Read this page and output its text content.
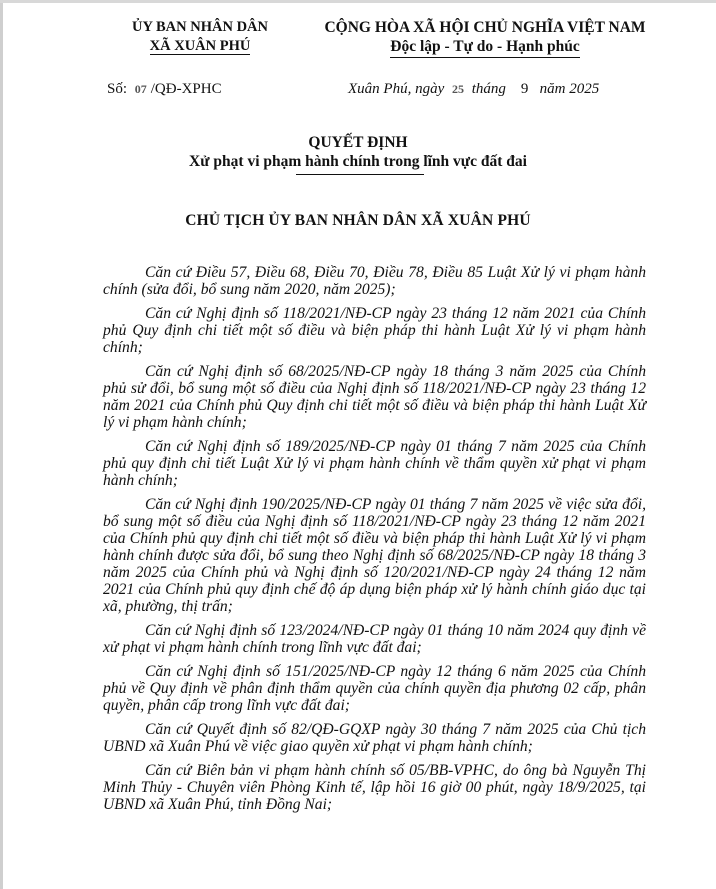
ỦY BAN NHÂN DÂN
XÃ XUÂN PHÚ
CỘNG HÒA XÃ HỘI CHỦ NGHĨA VIỆT NAM
Độc lập - Tự do - Hạnh phúc
Số: 07 /QĐ-XPHC	Xuân Phú, ngày 25 tháng 9 năm 2025
QUYẾT ĐỊNH
Xử phạt vi phạm hành chính trong lĩnh vực đất đai
CHỦ TỊCH ỦY BAN NHÂN DÂN XÃ XUÂN PHÚ

Căn cứ Điều 57, Điều 68, Điều 70, Điều 78, Điều 85 Luật Xử lý vi phạm hành chính (sửa đổi, bổ sung năm 2020, năm 2025);

Căn cứ Nghị định số 118/2021/NĐ-CP ngày 23 tháng 12 năm 2021 của Chính phủ Quy định chi tiết một số điều và biện pháp thi hành Luật Xử lý vi phạm hành chính;

Căn cứ Nghị định số 68/2025/NĐ-CP ngày 18 tháng 3 năm 2025 của Chính phủ sử đổi, bổ sung một số điều của Nghị định số 118/2021/NĐ-CP ngày 23 tháng 12 năm 2021 của Chính phủ Quy định chi tiết một số điều và biện pháp thi hành Luật Xử lý vi phạm hành chính;

Căn cứ Nghị định số 189/2025/NĐ-CP ngày 01 tháng 7 năm 2025 của Chính phủ quy định chi tiết Luật Xử lý vi phạm hành chính về thẩm quyền xử phạt vi phạm hành chính;

Căn cứ Nghị định 190/2025/NĐ-CP ngày 01 tháng 7 năm 2025 về việc sửa đổi, bổ sung một số điều của Nghị định số 118/2021/NĐ-CP ngày 23 tháng 12 năm 2021 của Chính phủ quy định chi tiết một số điều và biện pháp thi hành Luật Xử lý vi phạm hành chính được sửa đổi, bổ sung theo Nghị định số 68/2025/NĐ-CP ngày 18 tháng 3 năm 2025 của Chính phủ và Nghị định số 120/2021/NĐ-CP ngày 24 tháng 12 năm 2021 của Chính phủ quy định chế độ áp dụng biện pháp xử lý hành chính giáo dục tại xã, phường, thị trấn;

Căn cứ Nghị định số 123/2024/NĐ-CP ngày 01 tháng 10 năm 2024 quy định về xử phạt vi phạm hành chính trong lĩnh vực đất đai;

Căn cứ Nghị định số 151/2025/NĐ-CP ngày 12 tháng 6 năm 2025 của Chính phủ về Quy định về phân định thẩm quyền của chính quyền địa phương 02 cấp, phân quyền, phân cấp trong lĩnh vực đất đai;

Căn cứ Quyết định số 82/QĐ-GQXP ngày 30 tháng 7 năm 2025 của Chủ tịch UBND xã Xuân Phú về việc giao quyền xử phạt vi phạm hành chính;

Căn cứ Biên bản vi phạm hành chính số 05/BB-VPHC, do ông bà Nguyễn Thị Minh Thủy - Chuyên viên Phòng Kinh tế, lập hồi 16 giờ 00 phút, ngày 18/9/2025, tại UBND xã Xuân Phú, tỉnh Đồng Nai;
